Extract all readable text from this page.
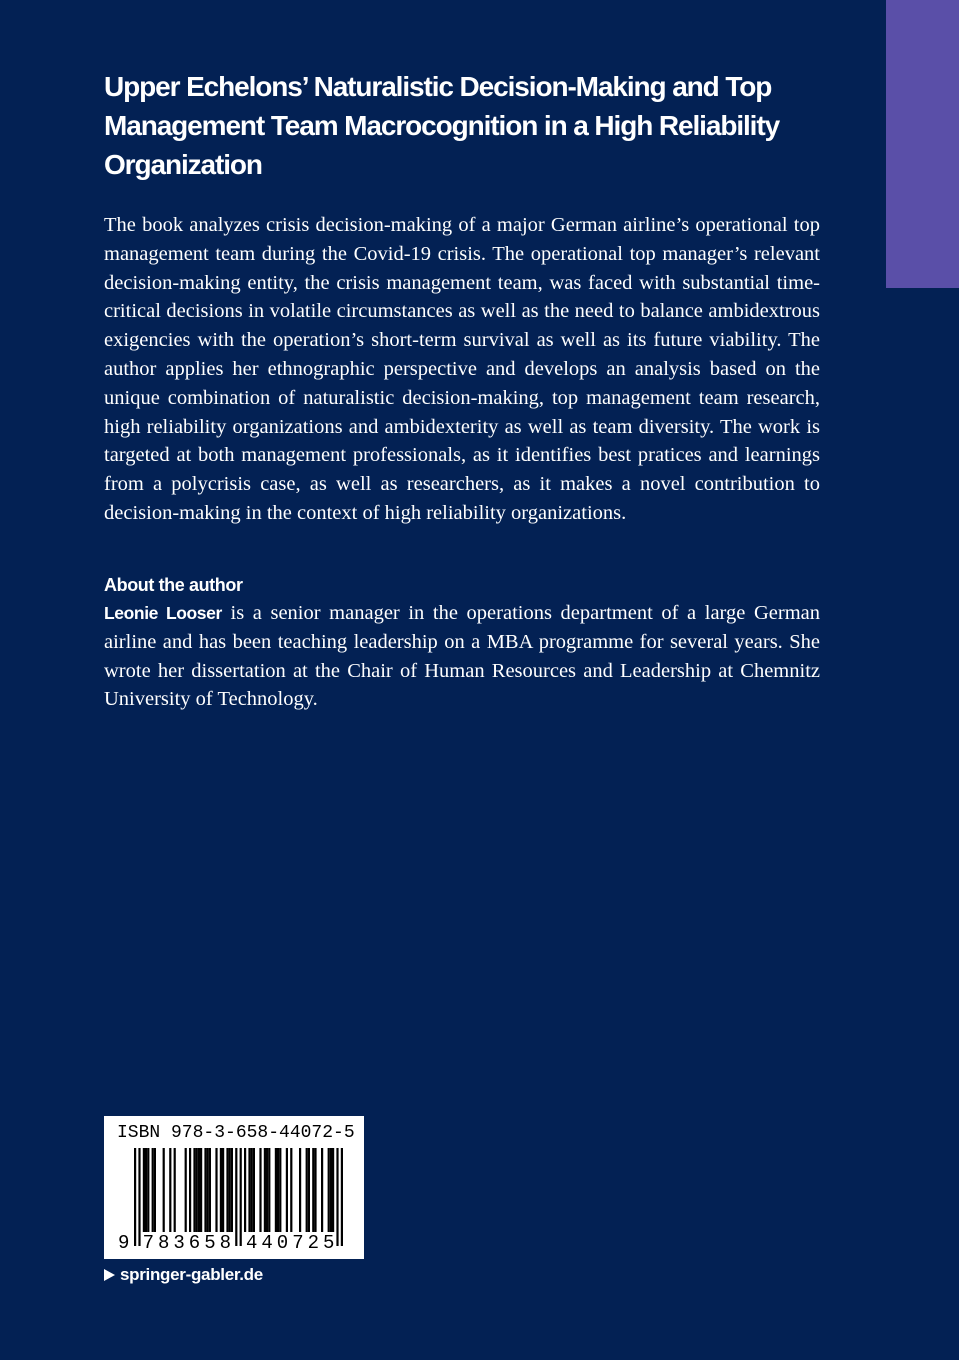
Upper Echelons’ Naturalistic Decision-Making and Top Management Team Macrocognition in a High Reliability Organization

The book analyzes crisis decision-making of a major German airline’s operational top management team during the Covid-19 crisis. The operational top manager’s relevant decision-making entity, the crisis management team, was faced with substantial time-critical decisions in volatile circumstances as well as the need to balance ambidextrous exigencies with the operation’s short-term survival as well as its future viability. The author applies her ethnographic perspective and develops an analysis based on the unique combination of naturalistic decision-making, top management team research, high reliability organizations and ambidexterity as well as team diversity. The work is targeted at both management professionals, as it identifies best pratices and learnings from a polycrisis case, as well as researchers, as it makes a novel contribution to decision-making in the context of high reliability organizations.

About the author

Leonie Looser is a senior manager in the operations department of a large German airline and has been teaching leadership on a MBA programme for several years. She wrote her dissertation at the Chair of Human Resources and Leadership at Chemnitz University of Technology.

ISBN 978-3-658-44072-5
9 7 8 3 6 5 8 4 4 0 7 2 5
springer-gabler.de
